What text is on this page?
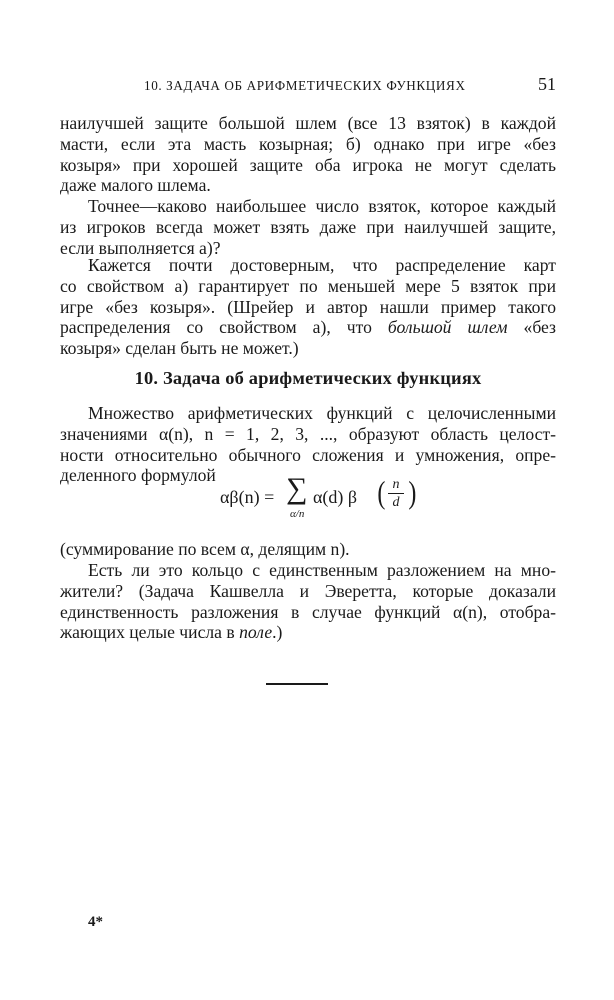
10. ЗАДАЧА ОБ АРИФМЕТИЧЕСКИХ ФУНКЦИЯХ	51
наилучшей защите большой шлем (все 13 взяток) в каждой
масти, если эта масть козырная; б) однако при игре «без
козыря» при хорошей защите оба игрока не могут сделать
даже малого шлема.
Точнее—каково наибольшее число взяток, которое каждый
из игроков всегда может взять даже при наилучшей защите,
если выполняется а)?
Кажется почти достоверным, что распределение карт
со свойством а) гарантирует по меньшей мере 5 взяток при
игре «без козыря». (Шрейер и автор нашли пример такого
распределения со свойством а), что большой шлем «без
козыря» сделан быть не может.)
10. Задача об арифметических функциях
Множество арифметических функций с целочисленными
значениями α(n), n = 1, 2, 3, ..., образуют область целост-
ности относительно обычного сложения и умножения, опре-
деленного формулой
αβ(n) = ∑
α/n
α(d) β ( n
d )
(суммирование по всем α, делящим n).
Есть ли это кольцо с единственным разложением на мно-
жители? (Задача Кашвелла и Эверетта, которые доказали
единственность разложения в случае функций α(n), отобра-
жающих целые числа в поле.)
4*
